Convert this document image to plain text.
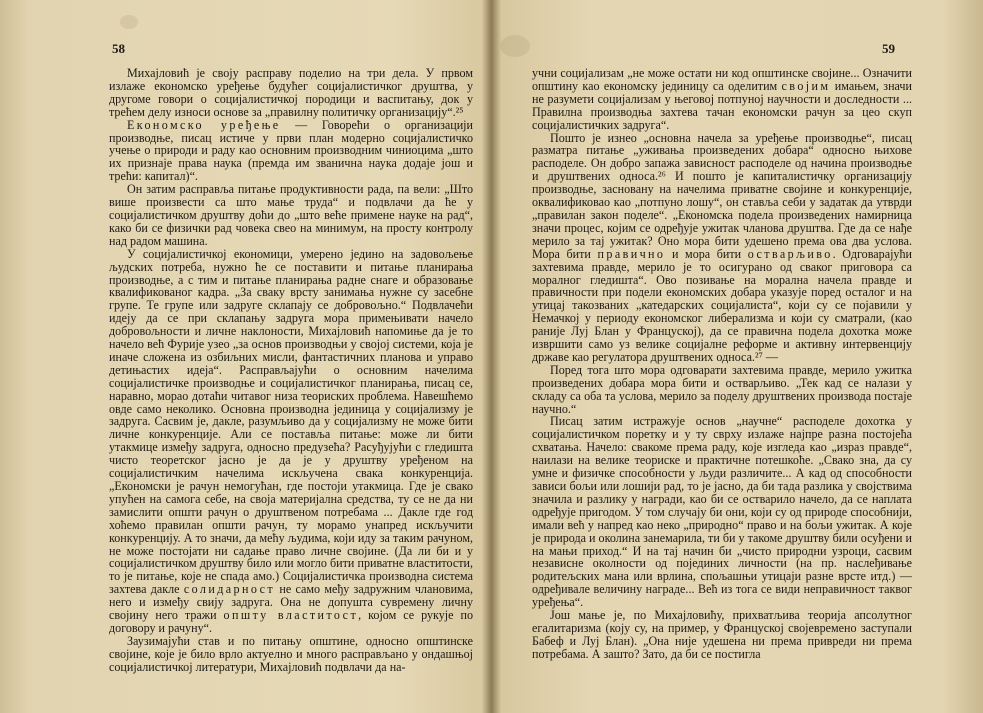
58

Михајловић је своју расправу поделио на три дела. У првом излаже економско уређење будућег социјалистичког друштва, у другоме говори о социјалистичкој породици и васпитању, док у трећем делу износи основе за „правилну политичку организацију“.²⁵

Економско уређење — Говорећи о организацији производње, писац истиче у први план модерно социјалистичко учење о природи и раду као основним производним чиниоцима „што их признаје права наука (премда им званична наука додаје још и трећи: капитал)“.

Он затим расправља питање продуктивности рада, па вели: „Што више произвести са што мање труда“ и подвлачи да ће у социјалистичком друштву доћи до „што веће примене науке на рад“, како би се физички рад човека свео на минимум, на просту контролу над радом машина.

У социјалистичкој економици, умерено јединo на задовољење људских потреба, нужно ће се поставити и питање планирања производње, а с тим и питање планирања радне снаге и образовање квалификованог кадра. „За сваку врсту занимања нужне су засебне групе. Те групе или задруге склапају се добровољно.“ Подвлачећи идеју да се при склапању задруга мора примењивати начело добровољности и личне наклоности, Михајловић напомиње да је то начело већ Фурије узео „за основ производњи у својој системи, која је иначе сложена из озбиљних мисли, фантастичних планова и управо детињастих идеја“. Расправљајући о основним начелима социјалистичке производње и социјалистичког планирања, писац се, наравно, морао дотаћи читавог низа теориских проблема. Навешћемо овде само неколико. Основна производна јединица у социјализму је задруга. Сасвим је, дакле, разумљиво да у социјализму не може бити личне конкуренције. Али се поставља питање: може ли бити утакмице између задруга, односно предузећа? Расуђујући с гледишта чисто теоретског јасно је да је у друштву уређеном на социјалистичким начелима искључена свака конкуренција. „Економски је рачун немогућан, где постоји утакмица. Где је свако упућен на самога себе, на своја материјална средства, ту се не да ни замислити општи рачун о друштвеном потребама ... Дакле где год хоћемо правилан општи рачун, ту морамо унапред искључити конкуренцију. А то значи, да мећу људима, који иду за таким рачуном, не може постојати ни садање право личне својине. (Да ли би и у социјалистичком друштву било или могло бити приватне властитости, то је питање, које не спада амо.) Социјалистичка производна система захтева дакле солидарност не само међу задружним члановима, него и између свију задруга. Она не допушта сувремену личну својину него тражи општу властитост, којом се рукује по договору и рачуну“.

Заузимајући став и по питању општине, односно општинске својине, које је било врло актуелно и много расправљано у ондашњој социјалистичкој литератури, Михајловић подвлачи да на-

59

учни социјализам „не може остати ни код општинске својине... Означити општину као економску јединицу са оделитим својим имањем, значи не разумети социјализам у његовој потпуној научности и доследности ... Правилна производња захтева тачан економски рачун за цео скуп социјалистичких задруга“.

Пошто је изнео „основна начела за уређење производње“, писац разматра питање „уживања произведених добара“ односно њихове расподеле. Он добро запажа зависност расподеле од начина производње и друштвених односа.²⁶ И пошто је капиталистичку организацију производње, засновану на начелима приватне својине и конкуренције, оквалификовао као „потпуно лошу“, он ставља себи у задатак да утврди „правилан закон поделе“. „Економска подела произведених намирница значи процес, којим се одређује ужитак чланова друштва. Где да се нађе мерило за тај ужитак? Оно мора бити удешено према ова два услова. Мора бити правично и мора бити остварљиво. Одговарајући захтевима правде, мерило је то осигурано од сваког приговора са моралног гледишта“. Ово позивање на морална начела правде и правичности при подели економских добара указује поред осталог и на утицај такозваних „катедарских социјалиста“, који су се појавили у Немачкој у периоду економског либерализма и који су сматрали, (као раније Луј Блан у Француској), да се правична подела дохотка може извршити само уз велике социјалне реформе и активну интервенцију државе као регулатора друштвених односа.²⁷ —

Поред тога што мора одговарати захтевима правде, мерило ужитка произведених добара мора бити и остварљиво. „Тек кад се налази у складу са оба та услова, мерило за поделу друштвених производа постаје научно.“

Писац затим истражује основ „научне“ расподеле дохотка у социјалистичком поретку и у ту сврху излаже најпре разна постојећа схватања. Начело: свакоме према раду, које изгледа као „израз правде“, наилази на велике теориске и практичне потешкоће. „Свако зна, да су умне и физичке способности у људи различите... А кад од способности зависи бољи или лошији рад, то је јасно, да би тада разлика у својствима значила и разлику у награди, као би се остварило начело, да се наплата одређује пригодом. У том случају би они, који су од природе способнији, имали већ у напред као нeко „природно“ право и на бољи ужитак. А које је природа и околина занемарила, ти би у такоме друштву били осуђени и на мањи приход.“ И на тај начин би „чисто природни узроци, сасвим независне околности од појединих личности (на пр. наслеђивање родитељских мана или врлина, спољашњи утицаји разне врсте итд.) — одређивале величину награде... Већ из тога се види неправичност таквог уређења“.

Још мање је, по Михајловићу, прихватљива теорија апсолутног егалитаризма (коју су, на пример, у Француској својевремено заступали Бабеф и Луј Блан). „Она није удешена ни према привреди ни према потребама. А зашто? Зато, да би се постигла
